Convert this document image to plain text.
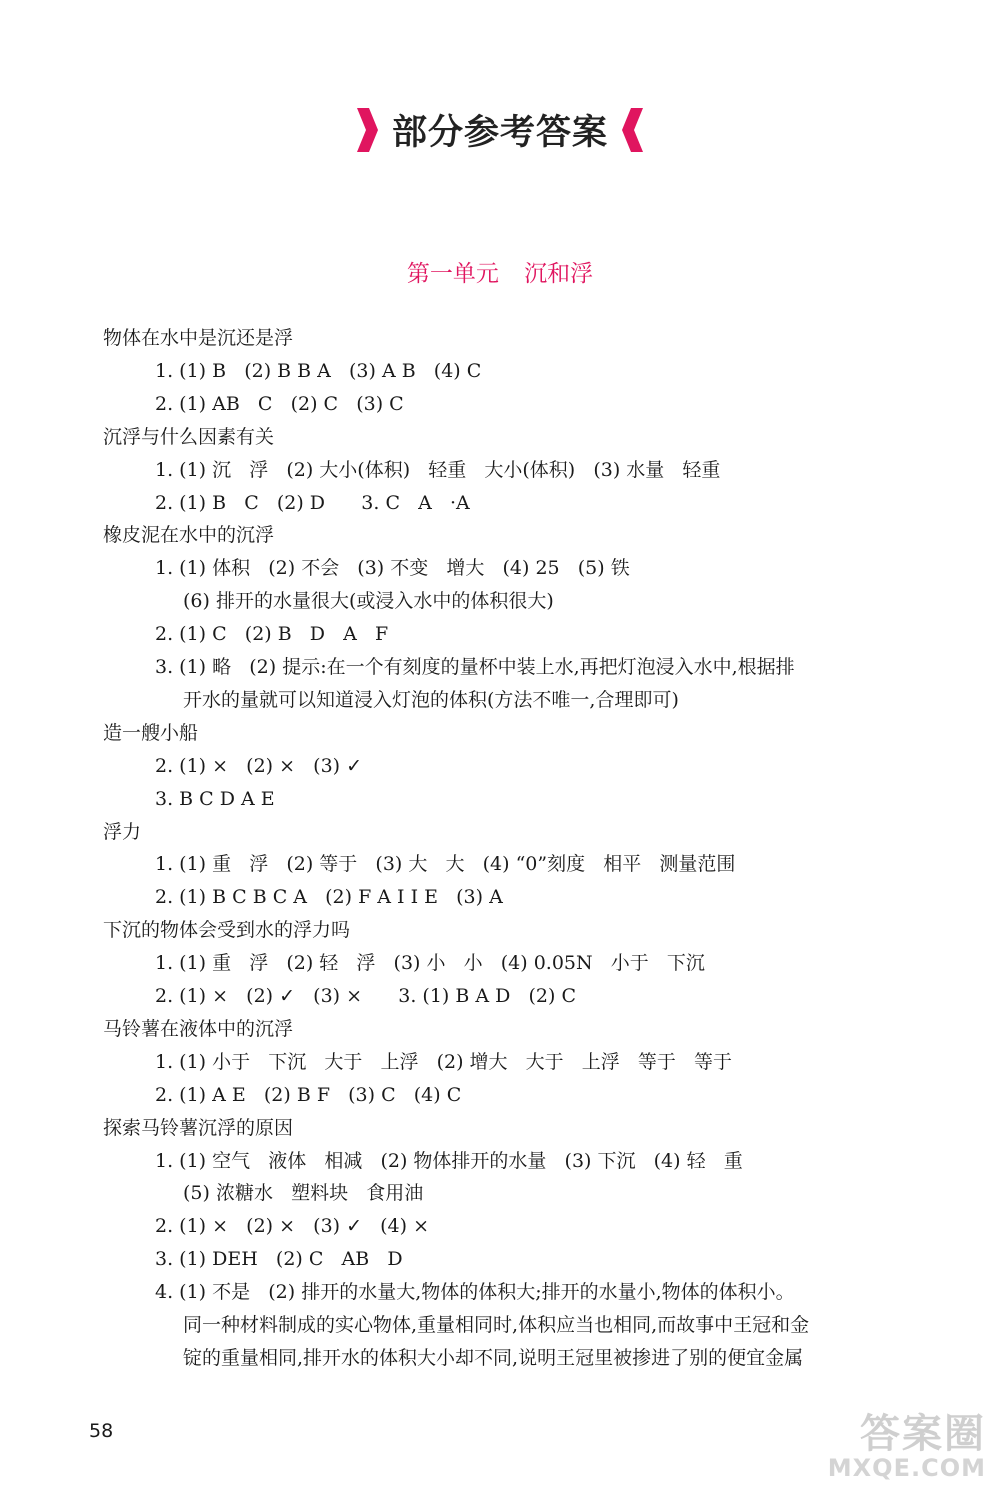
部分参考答案
第一单元 沉和浮
物体在水中是沉还是浮
1. (1) B   (2) B B A   (3) A B   (4) C
2. (1) AB   C   (2) C   (3) C
沉浮与什么因素有关
1. (1) 沉   浮   (2) 大小(体积)   轻重   大小(体积)   (3) 水量   轻重
2. (1) B   C   (2) D      3. C   A   ·A
橡皮泥在水中的沉浮
1. (1) 体积   (2) 不会   (3) 不变   增大   (4) 25   (5) 铁
(6) 排开的水量很大(或浸入水中的体积很大)
2. (1) C   (2) B   D   A   F
3. (1) 略   (2) 提示:在一个有刻度的量杯中装上水,再把灯泡浸入水中,根据排
开水的量就可以知道浸入灯泡的体积(方法不唯一,合理即可)
造一艘小船
2. (1) ×   (2) ×   (3) ✓
3. B C D A E
浮力
1. (1) 重   浮   (2) 等于   (3) 大   大   (4) “0”刻度   相平   测量范围
2. (1) B C B C A   (2) F A I I E   (3) A
下沉的物体会受到水的浮力吗
1. (1) 重   浮   (2) 轻   浮   (3) 小   小   (4) 0.05N   小于   下沉
2. (1) ×   (2) ✓   (3) ×      3. (1) B A D   (2) C
马铃薯在液体中的沉浮
1. (1) 小于   下沉   大于   上浮   (2) 增大   大于   上浮   等于   等于
2. (1) A E   (2) B F   (3) C   (4) C
探索马铃薯沉浮的原因
1. (1) 空气   液体   相减   (2) 物体排开的水量   (3) 下沉   (4) 轻   重
(5) 浓糖水   塑料块   食用油
2. (1) ×   (2) ×   (3) ✓   (4) ×
3. (1) DEH   (2) C   AB   D
4. (1) 不是   (2) 排开的水量大,物体的体积大;排开的水量小,物体的体积小。
同一种材料制成的实心物体,重量相同时,体积应当也相同,而故事中王冠和金
锭的重量相同,排开水的体积大小却不同,说明王冠里被掺进了别的便宜金属
58	答案圈
MXQE.COM
